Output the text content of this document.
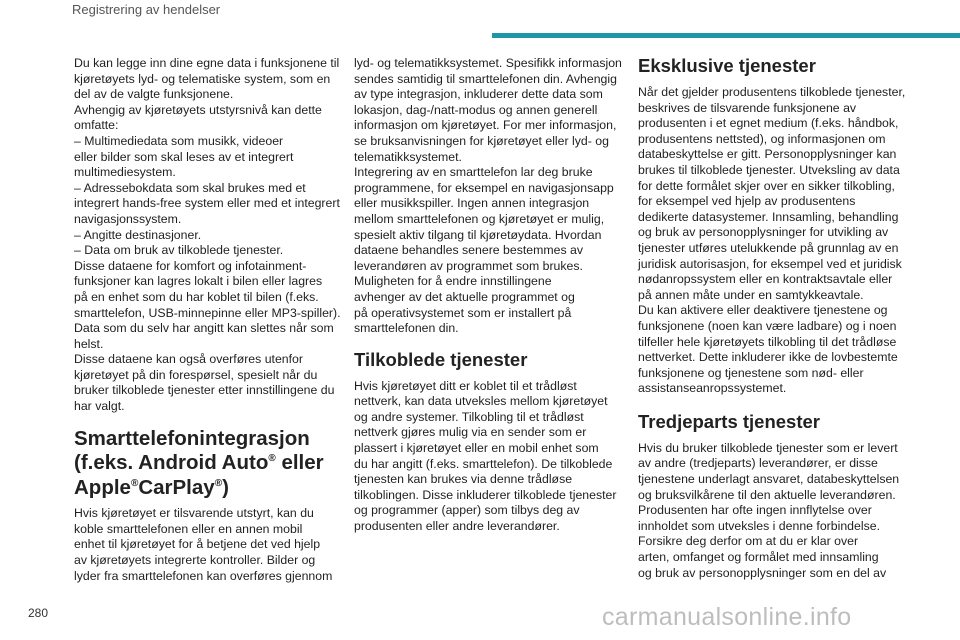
Registrering av hendelser

Du kan legge inn dine egne data i funksjonene til
kjøretøyets lyd- og telematiske system, som en
del av de valgte funksjonene.
Avhengig av kjøretøyets utstyrsnivå kan dette
omfatte:
– Multimediedata som musikk, videoer
eller bilder som skal leses av et integrert
multimediesystem.
– Adressebokdata som skal brukes med et
integrert hands-free system eller med et integrert
navigasjonssystem.
– Angitte destinasjoner.
– Data om bruk av tilkoblede tjenester.
Disse dataene for komfort og infotainment-
funksjoner kan lagres lokalt i bilen eller lagres
på en enhet som du har koblet til bilen (f.eks.
smarttelefon, USB-minnepinne eller MP3-spiller).
Data som du selv har angitt kan slettes når som
helst.
Disse dataene kan også overføres utenfor
kjøretøyet på din forespørsel, spesielt når du
bruker tilkoblede tjenester etter innstillingene du
har valgt.

Smarttelefonintegrasjon
(f.eks. Android Auto® eller
Apple®CarPlay®)

Hvis kjøretøyet er tilsvarende utstyrt, kan du
koble smarttelefonen eller en annen mobil
enhet til kjøretøyet for å betjene det ved hjelp
av kjøretøyets integrerte kontroller. Bilder og
lyder fra smarttelefonen kan overføres gjennom

lyd- og telematikksystemet. Spesifikk informasjon
sendes samtidig til smarttelefonen din. Avhengig
av type integrasjon, inkluderer dette data som
lokasjon, dag-/natt-modus og annen generell
informasjon om kjøretøyet. For mer informasjon,
se bruksanvisningen for kjøretøyet eller lyd- og
telematikksystemet.
Integrering av en smarttelefon lar deg bruke
programmene, for eksempel en navigasjonsapp
eller musikkspiller. Ingen annen integrasjon
mellom smarttelefonen og kjøretøyet er mulig,
spesielt aktiv tilgang til kjøretøydata. Hvordan
dataene behandles senere bestemmes av
leverandøren av programmet som brukes.
Muligheten for å endre innstillingene
avhenger av det aktuelle programmet og
på operativsystemet som er installert på
smarttelefonen din.

Tilkoblede tjenester

Hvis kjøretøyet ditt er koblet til et trådløst
nettverk, kan data utveksles mellom kjøretøyet
og andre systemer. Tilkobling til et trådløst
nettverk gjøres mulig via en sender som er
plassert i kjøretøyet eller en mobil enhet som
du har angitt (f.eks. smarttelefon). De tilkoblede
tjenesten kan brukes via denne trådløse
tilkoblingen. Disse inkluderer tilkoblede tjenester
og programmer (apper) som tilbys deg av
produsenten eller andre leverandører.

Eksklusive tjenester

Når det gjelder produsentens tilkoblede tjenester,
beskrives de tilsvarende funksjonene av
produsenten i et egnet medium (f.eks. håndbok,
produsentens nettsted), og informasjonen om
databeskyttelse er gitt. Personopplysninger kan
brukes til tilkoblede tjenester. Utveksling av data
for dette formålet skjer over en sikker tilkobling,
for eksempel ved hjelp av produsentens
dedikerte datasystemer. Innsamling, behandling
og bruk av personopplysninger for utvikling av
tjenester utføres utelukkende på grunnlag av en
juridisk autorisasjon, for eksempel ved et juridisk
nødanropssystem eller en kontraktsavtale eller
på annen måte under en samtykkeavtale.
Du kan aktivere eller deaktivere tjenestene og
funksjonene (noen kan være ladbare) og i noen
tilfeller hele kjøretøyets tilkobling til det trådløse
nettverket. Dette inkluderer ikke de lovbestemte
funksjonene og tjenestene som nød- eller
assistanseanropssystemet.

Tredjeparts tjenester

Hvis du bruker tilkoblede tjenester som er levert
av andre (tredjeparts) leverandører, er disse
tjenestene underlagt ansvaret, databeskyttelsen
og bruksvilkårene til den aktuelle leverandøren.
Produsenten har ofte ingen innflytelse over
innholdet som utveksles i denne forbindelse.
Forsikre deg derfor om at du er klar over
arten, omfanget og formålet med innsamling
og bruk av personopplysninger som en del av

280	carmanualsonline.info
